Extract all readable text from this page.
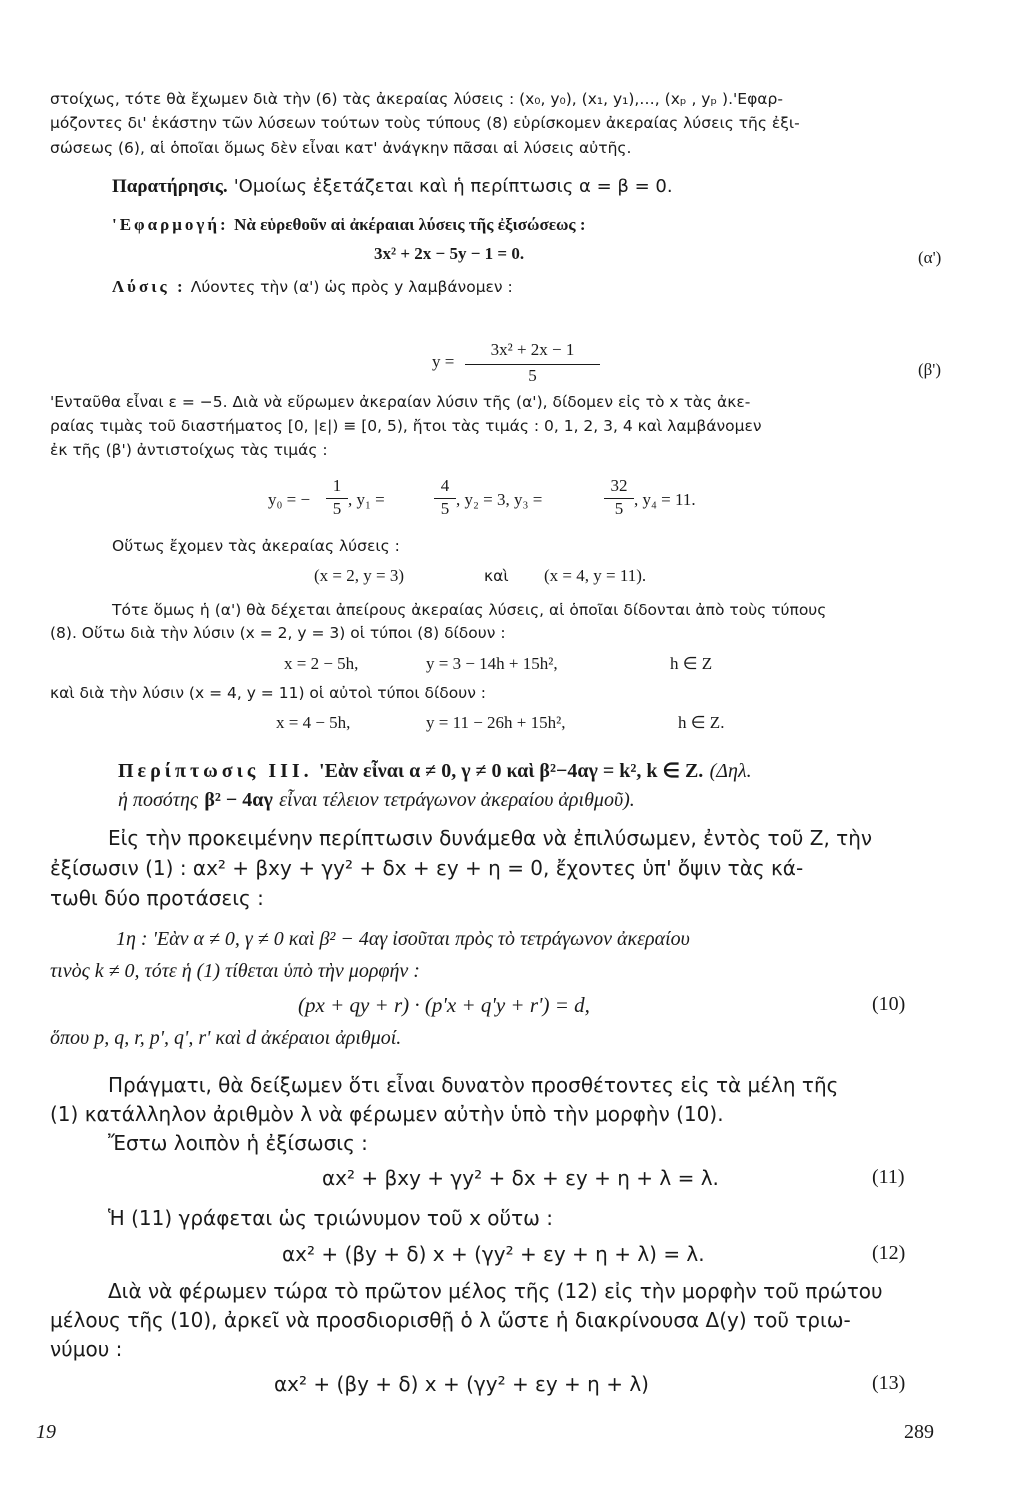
στοίχως, τότε θὰ ἔχωμεν διὰ τὴν (6) τὰς ἀκεραίας λύσεις : (x₀, y₀), (x₁, y₁),…, (xₚ , yₚ ).'Εφαρ-
μόζοντες δι' ἑκάστην τῶν λύσεων τούτων τοὺς τύπους (8) εὑρίσκομεν ἀκεραίας λύσεις τῆς ἐξι-
σώσεως (6), αἱ ὁποῖαι ὅμως δὲν εἶναι κατ' ἀνάγκην πᾶσαι αἱ λύσεις αὐτῆς.
Παρατήρησις. 'Ομοίως ἐξετάζεται καὶ ἡ περίπτωσις α = β = 0.
'Εφαρμογή: Νὰ εὑρεθοῦν αἱ ἀκέραιαι λύσεις τῆς ἐξισώσεως :
3x² + 2x − 5y − 1 = 0.	(α')
Λύσις : Λύοντες τὴν (α') ὡς πρὸς y λαμβάνομεν :
y =
3x² + 2x − 1
5	(β')
'Ενταῦθα εἶναι ε = −5. Διὰ νὰ εὕρωμεν ἀκεραίαν λύσιν τῆς (α'), δίδομεν εἰς τὸ x τὰς ἀκε-
ραίας τιμὰς τοῦ διαστήματος [0, |ε|) ≡ [0, 5), ἤτοι τὰς τιμάς : 0, 1, 2, 3, 4 καὶ λαμβάνομεν
ἐκ τῆς (β') ἀντιστοίχως τὰς τιμάς :
y₀ = −
1
5 , y₁ =
4
5 , y₂ = 3, y₃ =
32
5 , y₄ = 11.
Οὕτως ἔχομεν τὰς ἀκεραίας λύσεις :
(x = 2, y = 3)	καὶ (x = 4, y = 11).
Τότε ὅμως ἡ (α') θὰ δέχεται ἀπείρους ἀκεραίας λύσεις, αἱ ὁποῖαι δίδονται ἀπὸ τοὺς τύπους
(8). Οὕτω διὰ τὴν λύσιν (x = 2, y = 3) οἱ τύποι (8) δίδουν :
x = 2 − 5h,	y = 3 − 14h + 15h²,	h ∈ Z
καὶ διὰ τὴν λύσιν (x = 4, y = 11) οἱ αὐτοὶ τύποι δίδουν :
x = 4 − 5h,	y = 11 − 26h + 15h²,	h ∈ Z.
Περίπτωσις ΙΙΙ. 'Εὰν εἶναι α ≠ 0, γ ≠ 0 καὶ β²−4αγ = k², k ∈ Z. (Δηλ.
ἡ ποσότης β² − 4αγ εἶναι τέλειον τετράγωνον ἀκεραίου ἀριθμοῦ).
Εἰς τὴν προκειμένην περίπτωσιν δυνάμεθα νὰ ἐπιλύσωμεν, ἐντὸς τοῦ Z, τὴν
ἐξίσωσιν (1) : αx² + βxy + γy² + δx + εy + η = 0, ἔχοντες ὑπ' ὄψιν τὰς κά-
τωθι δύο προτάσεις :
1η : 'Εὰν α ≠ 0, γ ≠ 0 καὶ β² − 4αγ ἰσοῦται πρὸς τὸ τετράγωνον ἀκεραίου
τινὸς k ≠ 0, τότε ἡ (1) τίθεται ὑπὸ τὴν μορφήν :
(px + qy + r) · (p'x + q'y + r') = d,	(10)
ὅπου p, q, r, p', q', r' καὶ d ἀκέραιοι ἀριθμοί.
Πράγματι, θὰ δείξωμεν ὅτι εἶναι δυνατὸν προσθέτοντες εἰς τὰ μέλη τῆς
(1) κατάλληλον ἀριθμὸν λ νὰ φέρωμεν αὐτὴν ὑπὸ τὴν μορφὴν (10).
Ἔστω λοιπὸν ἡ ἐξίσωσις :
αx² + βxy + γy² + δx + εy + η + λ = λ.	(11)
Ἡ (11) γράφεται ὡς τριώνυμον τοῦ x οὕτω :
αx² + (βy + δ) x + (γy² + εy + η + λ) = λ.	(12)
Διὰ νὰ φέρωμεν τώρα τὸ πρῶτον μέλος τῆς (12) εἰς τὴν μορφὴν τοῦ πρώτου
μέλους τῆς (10), ἀρκεῖ νὰ προσδιορισθῇ ὁ λ ὥστε ἡ διακρίνουσα Δ(y) τοῦ τριω-
νύμου :
αx² + (βy + δ) x + (γy² + εy + η + λ)	(13)
19	289
